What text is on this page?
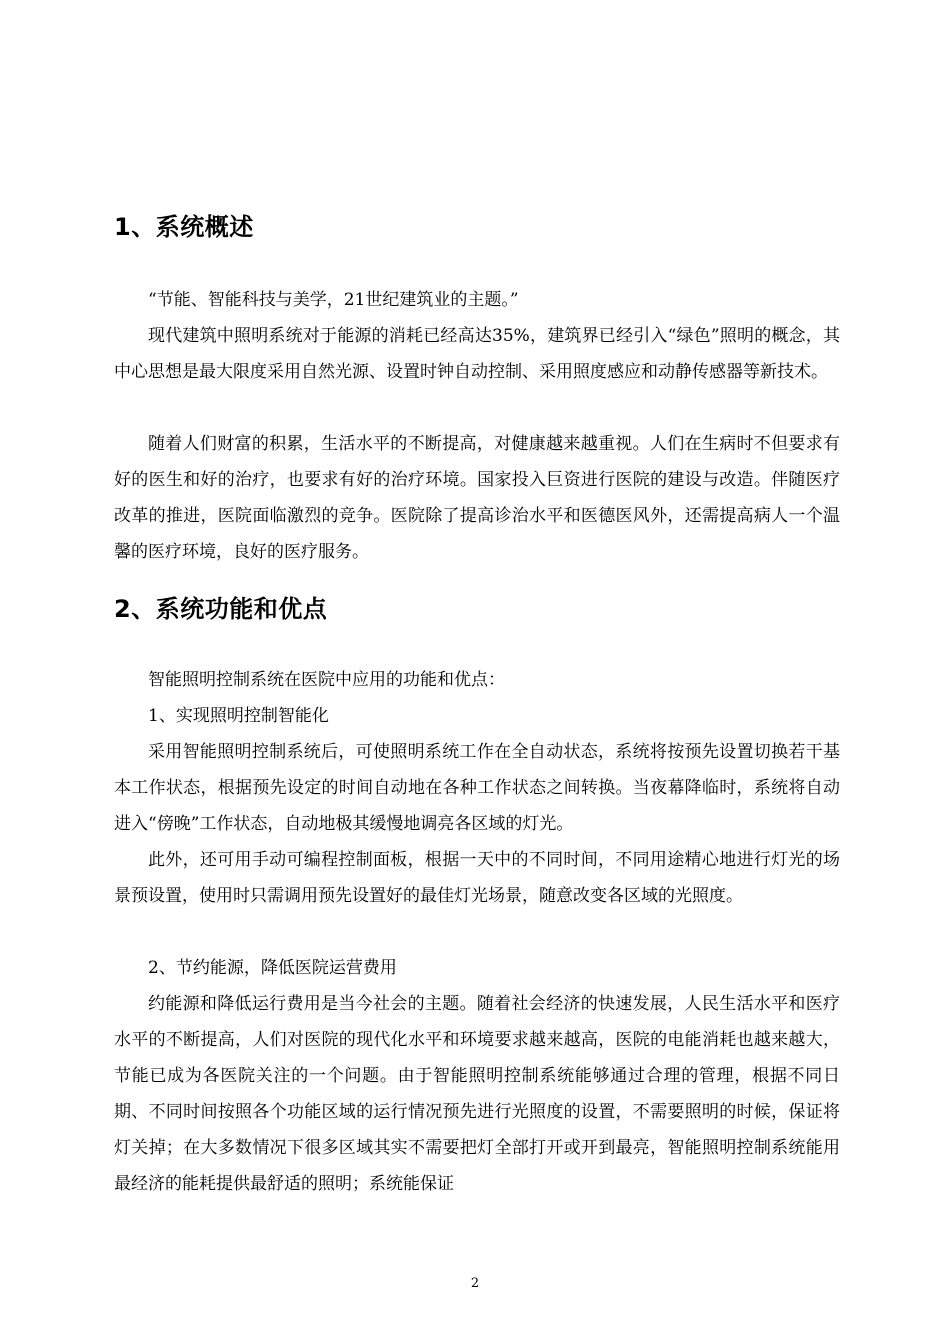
1、系统概述
“节能、智能科技与美学，21世纪建筑业的主题。”
现代建筑中照明系统对于能源的消耗已经高达35%，建筑界已经引入“绿色”照明的概念，其中心思想是最大限度采用自然光源、设置时钟自动控制、采用照度感应和动静传感器等新技术。
随着人们财富的积累，生活水平的不断提高，对健康越来越重视。人们在生病时不但要求有好的医生和好的治疗，也要求有好的治疗环境。国家投入巨资进行医院的建设与改造。伴随医疗改革的推进，医院面临激烈的竞争。医院除了提高诊治水平和医德医风外，还需提高病人一个温馨的医疗环境，良好的医疗服务。
2、系统功能和优点
智能照明控制系统在医院中应用的功能和优点：
1、实现照明控制智能化
采用智能照明控制系统后，可使照明系统工作在全自动状态，系统将按预先设置切换若干基本工作状态，根据预先设定的时间自动地在各种工作状态之间转换。当夜幕降临时，系统将自动进入“傍晚”工作状态，自动地极其缓慢地调亮各区域的灯光。
此外，还可用手动可编程控制面板，根据一天中的不同时间，不同用途精心地进行灯光的场景预设置，使用时只需调用预先设置好的最佳灯光场景，随意改变各区域的光照度。
2、节约能源，降低医院运营费用
约能源和降低运行费用是当今社会的主题。随着社会经济的快速发展，人民生活水平和医疗水平的不断提高，人们对医院的现代化水平和环境要求越来越高，医院的电能消耗也越来越大，节能已成为各医院关注的一个问题。由于智能照明控制系统能够通过合理的管理，根据不同日期、不同时间按照各个功能区域的运行情况预先进行光照度的设置，不需要照明的时候，保证将灯关掉；在大多数情况下很多区域其实不需要把灯全部打开或开到最亮，智能照明控制系统能用最经济的能耗提供最舒适的照明；系统能保证
2
